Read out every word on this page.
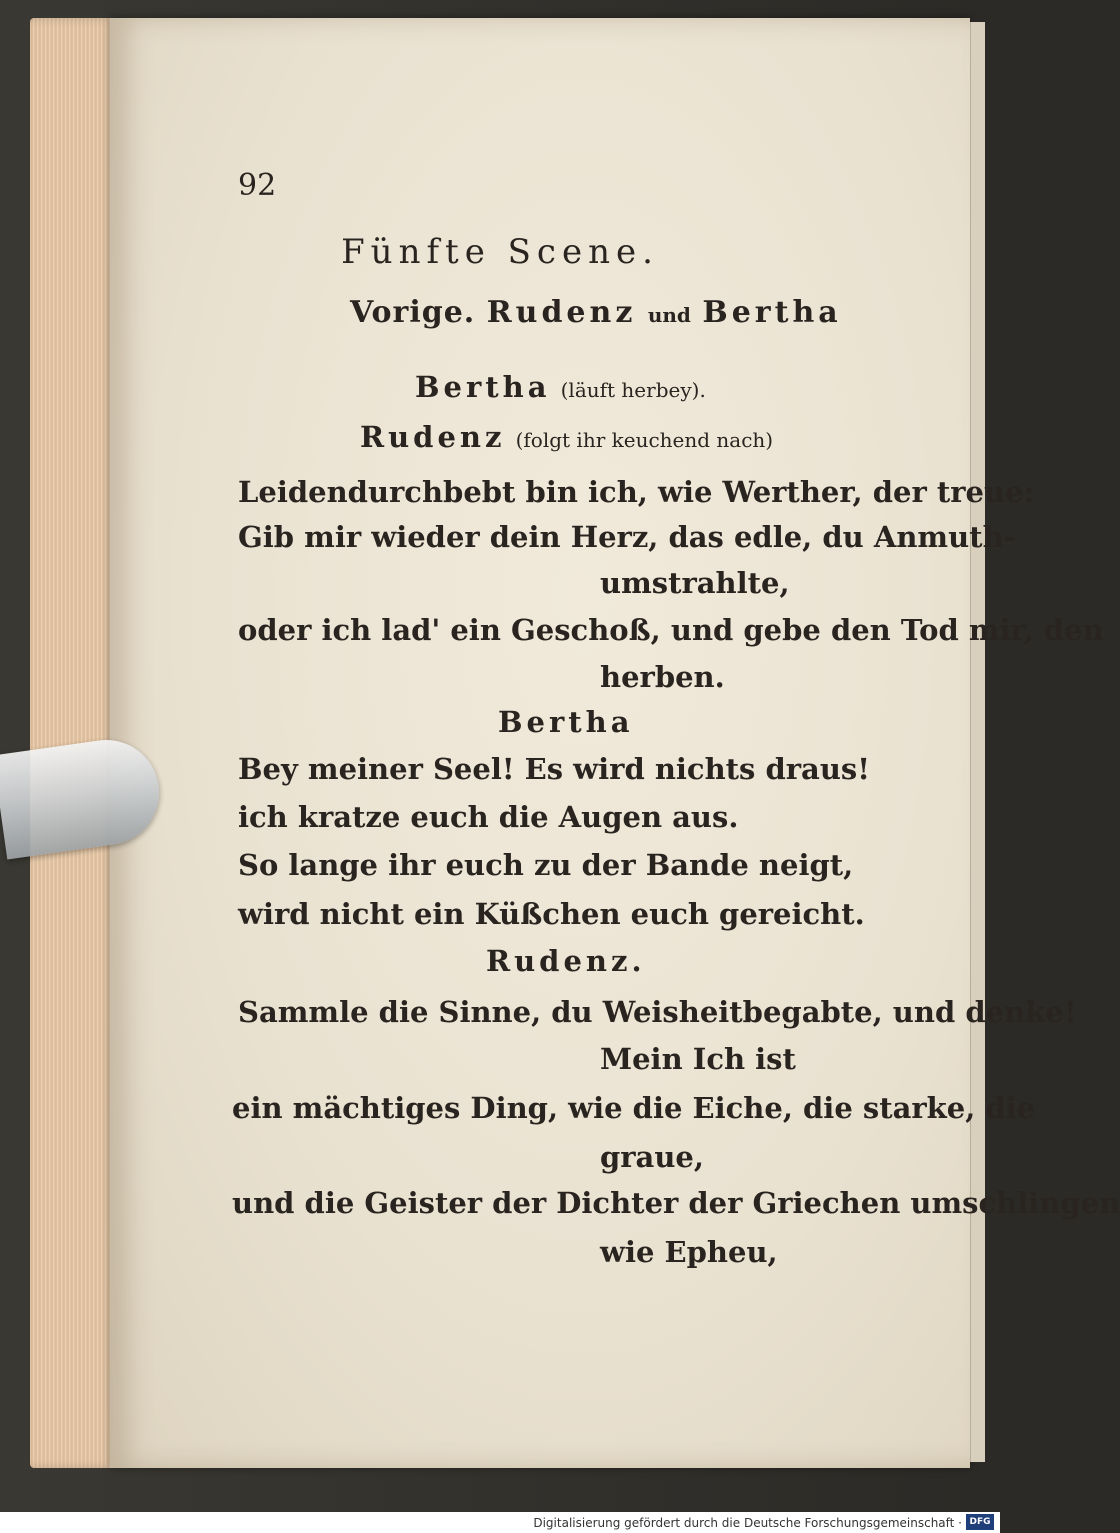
92
Fünfte Scene.
Vorige. Rudenz und Bertha
Bertha (läuft herbey).
Rudenz (folgt ihr keuchend nach)
Leidendurchbebt bin ich, wie Werther, der treue:
Gib mir wieder dein Herz, das edle, du Anmuth-
umstrahlte,
oder ich lad' ein Geschoß, und gebe den Tod mir, den
herben.
Bertha
Bey meiner Seel! Es wird nichts draus!
ich kratze euch die Augen aus.
So lange ihr euch zu der Bande neigt,
wird nicht ein Küßchen euch gereicht.
Rudenz.
Sammle die Sinne, du Weisheitbegabte, und denke!
Mein Ich ist
ein mächtiges Ding, wie die Eiche, die starke, die
graue,
und die Geister der Dichter der Griechen umschlingen
wie Epheu,
Digitalisierung gefördert durch die Deutsche Forschungsgemeinschaft · DFG
